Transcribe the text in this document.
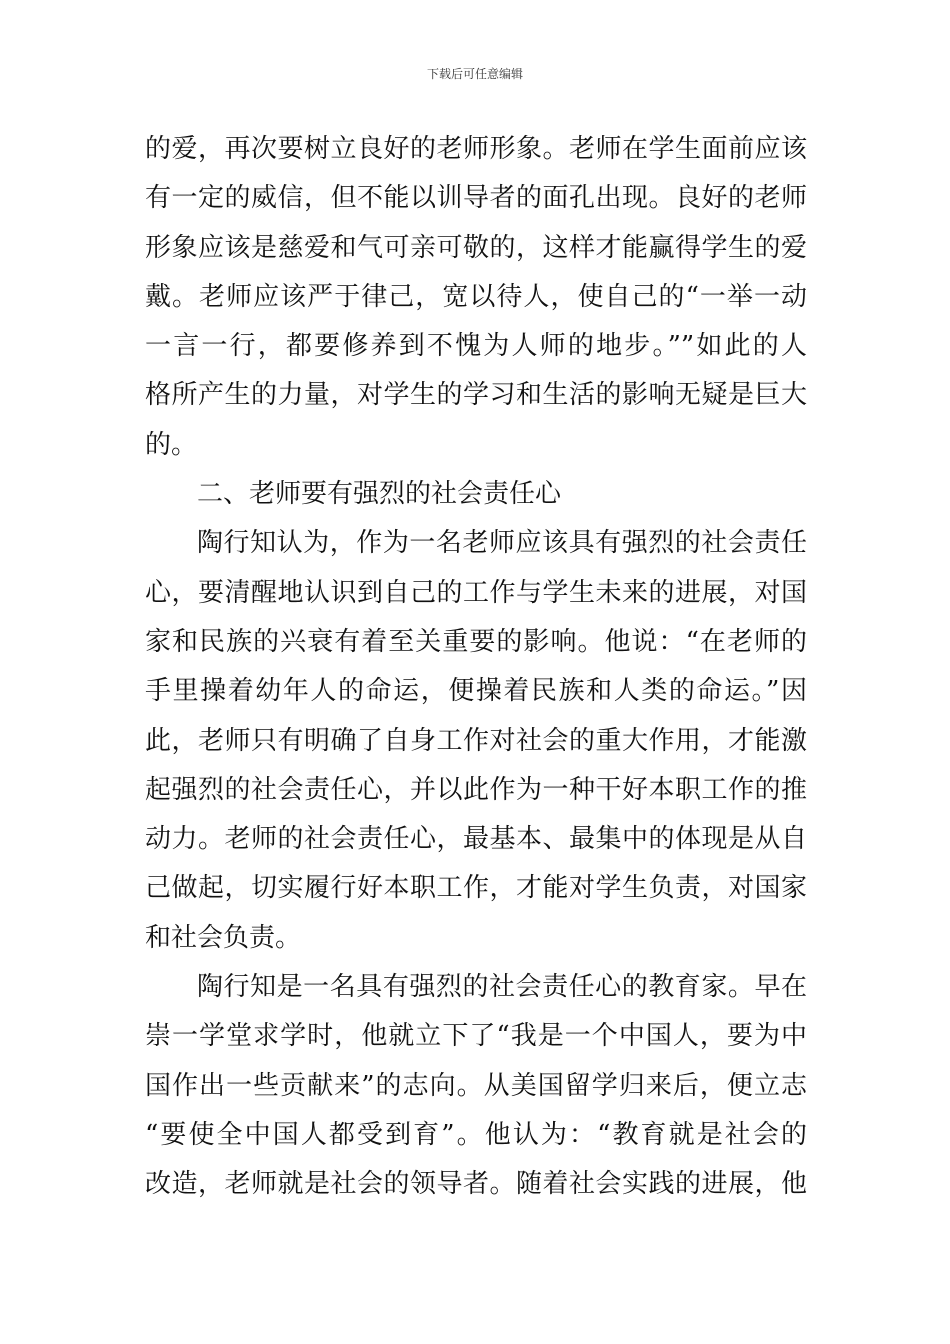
下载后可任意编辑
的爱，再次要树立良好的老师形象。老师在学生面前应该
有一定的威信，但不能以训导者的面孔出现。良好的老师
形象应该是慈爱和气可亲可敬的，这样才能赢得学生的爱
戴。老师应该严于律己，宽以待人，使自己的“一举一动
一言一行，都要修养到不愧为人师的地步。””如此的人
格所产生的力量，对学生的学习和生活的影响无疑是巨大
的。
二、老师要有强烈的社会责任心
陶行知认为，作为一名老师应该具有强烈的社会责任
心，要清醒地认识到自己的工作与学生未来的进展，对国
家和民族的兴衰有着至关重要的影响。他说：“在老师的
手里操着幼年人的命运，便操着民族和人类的命运。”因
此，老师只有明确了自身工作对社会的重大作用，才能激
起强烈的社会责任心，并以此作为一种干好本职工作的推
动力。老师的社会责任心，最基本、最集中的体现是从自
己做起，切实履行好本职工作，才能对学生负责，对国家
和社会负责。
陶行知是一名具有强烈的社会责任心的教育家。早在
崇一学堂求学时，他就立下了“我是一个中国人，要为中
国作出一些贡献来”的志向。从美国留学归来后，便立志
“要使全中国人都受到育”。他认为：“教育就是社会的
改造，老师就是社会的领导者。随着社会实践的进展，他
